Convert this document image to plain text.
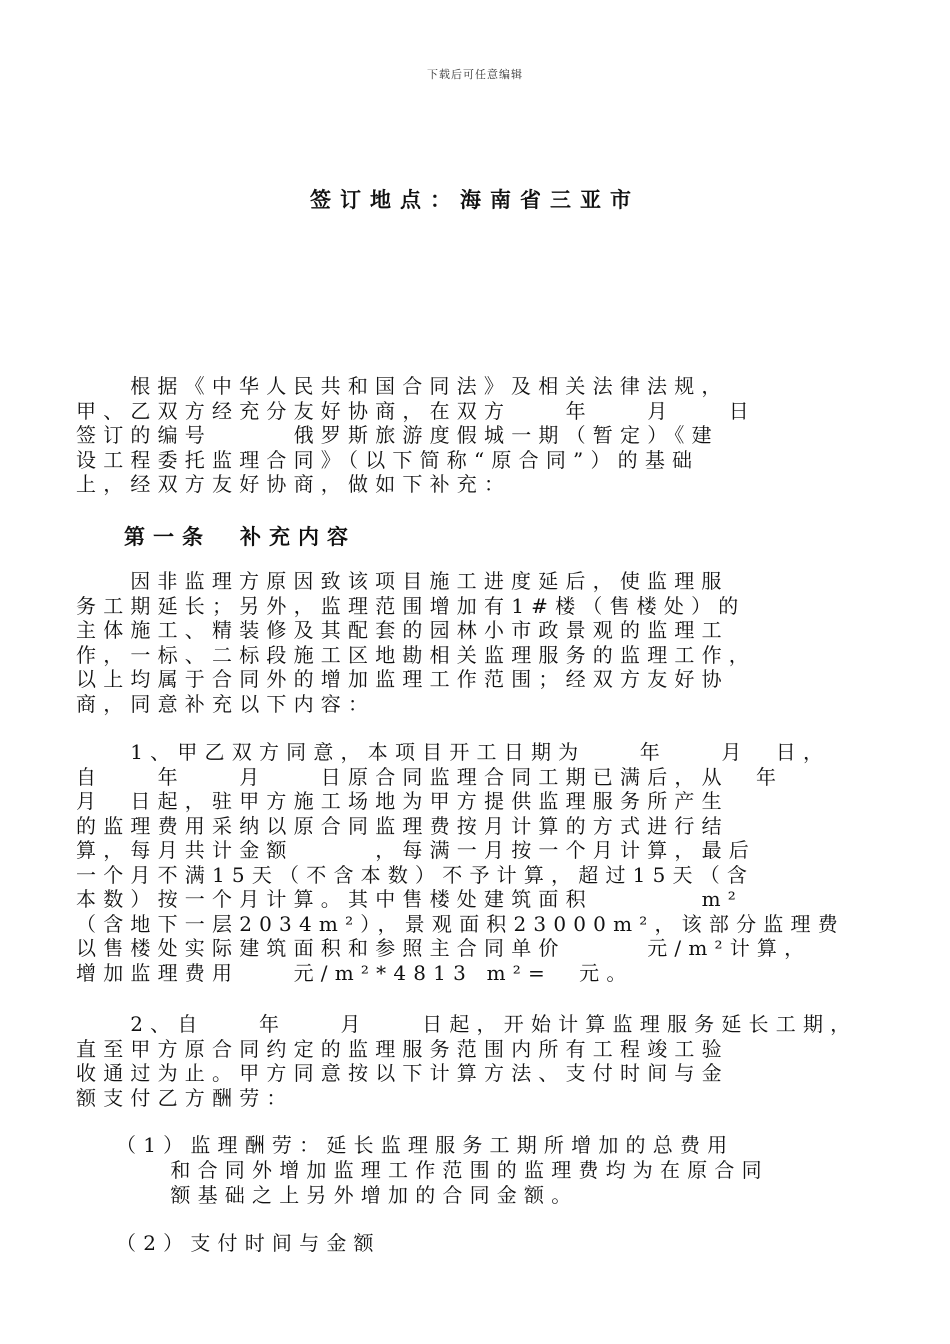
下载后可任意编辑
签订地点：海南省三亚市
根据《中华人民共和国合同法》及相关法律法规，
甲、乙双方经充分友好协商，在双方　　年　　月　　日
签订的编号　　　俄罗斯旅游度假城一期（暂定）《建
设工程委托监理合同》（以下简称“原合同”）的基础
上，经双方友好协商，做如下补充：
第一条　补充内容
因非监理方原因致该项目施工进度延后，使监理服
务工期延长；另外，监理范围增加有1#楼（售楼处）的
主体施工、精装修及其配套的园林小市政景观的监理工
作，一标、二标段施工区地勘相关监理服务的监理工作，
以上均属于合同外的增加监理工作范围；经双方友好协
商，同意补充以下内容：
1、甲乙双方同意，本项目开工日期为　　年　　月　日，
自　　年　　月　　日原合同监理合同工期已满后，从　年
月　日起，驻甲方施工场地为甲方提供监理服务所产生
的监理费用采纳以原合同监理费按月计算的方式进行结
算，每月共计金额　　　，每满一月按一个月计算，最后
一个月不满15天（不含本数）不予计算，超过15天（含
本数）按一个月计算。其中售楼处建筑面积　　　　m²
（含地下一层2034m²），景观面积23000m²，该部分监理费
以售楼处实际建筑面积和参照主合同单价　　　元/m²计算，
增加监理费用　　元/m²*4813 m²=　元。
2、自　　年　　月　　日起，开始计算监理服务延长工期，
直至甲方原合同约定的监理服务范围内所有工程竣工验
收通过为止。甲方同意按以下计算方法、支付时间与金
额支付乙方酬劳：
（1）监理酬劳：延长监理服务工期所增加的总费用
　　和合同外增加监理工作范围的监理费均为在原合同
　　额基础之上另外增加的合同金额。
（2）支付时间与金额
